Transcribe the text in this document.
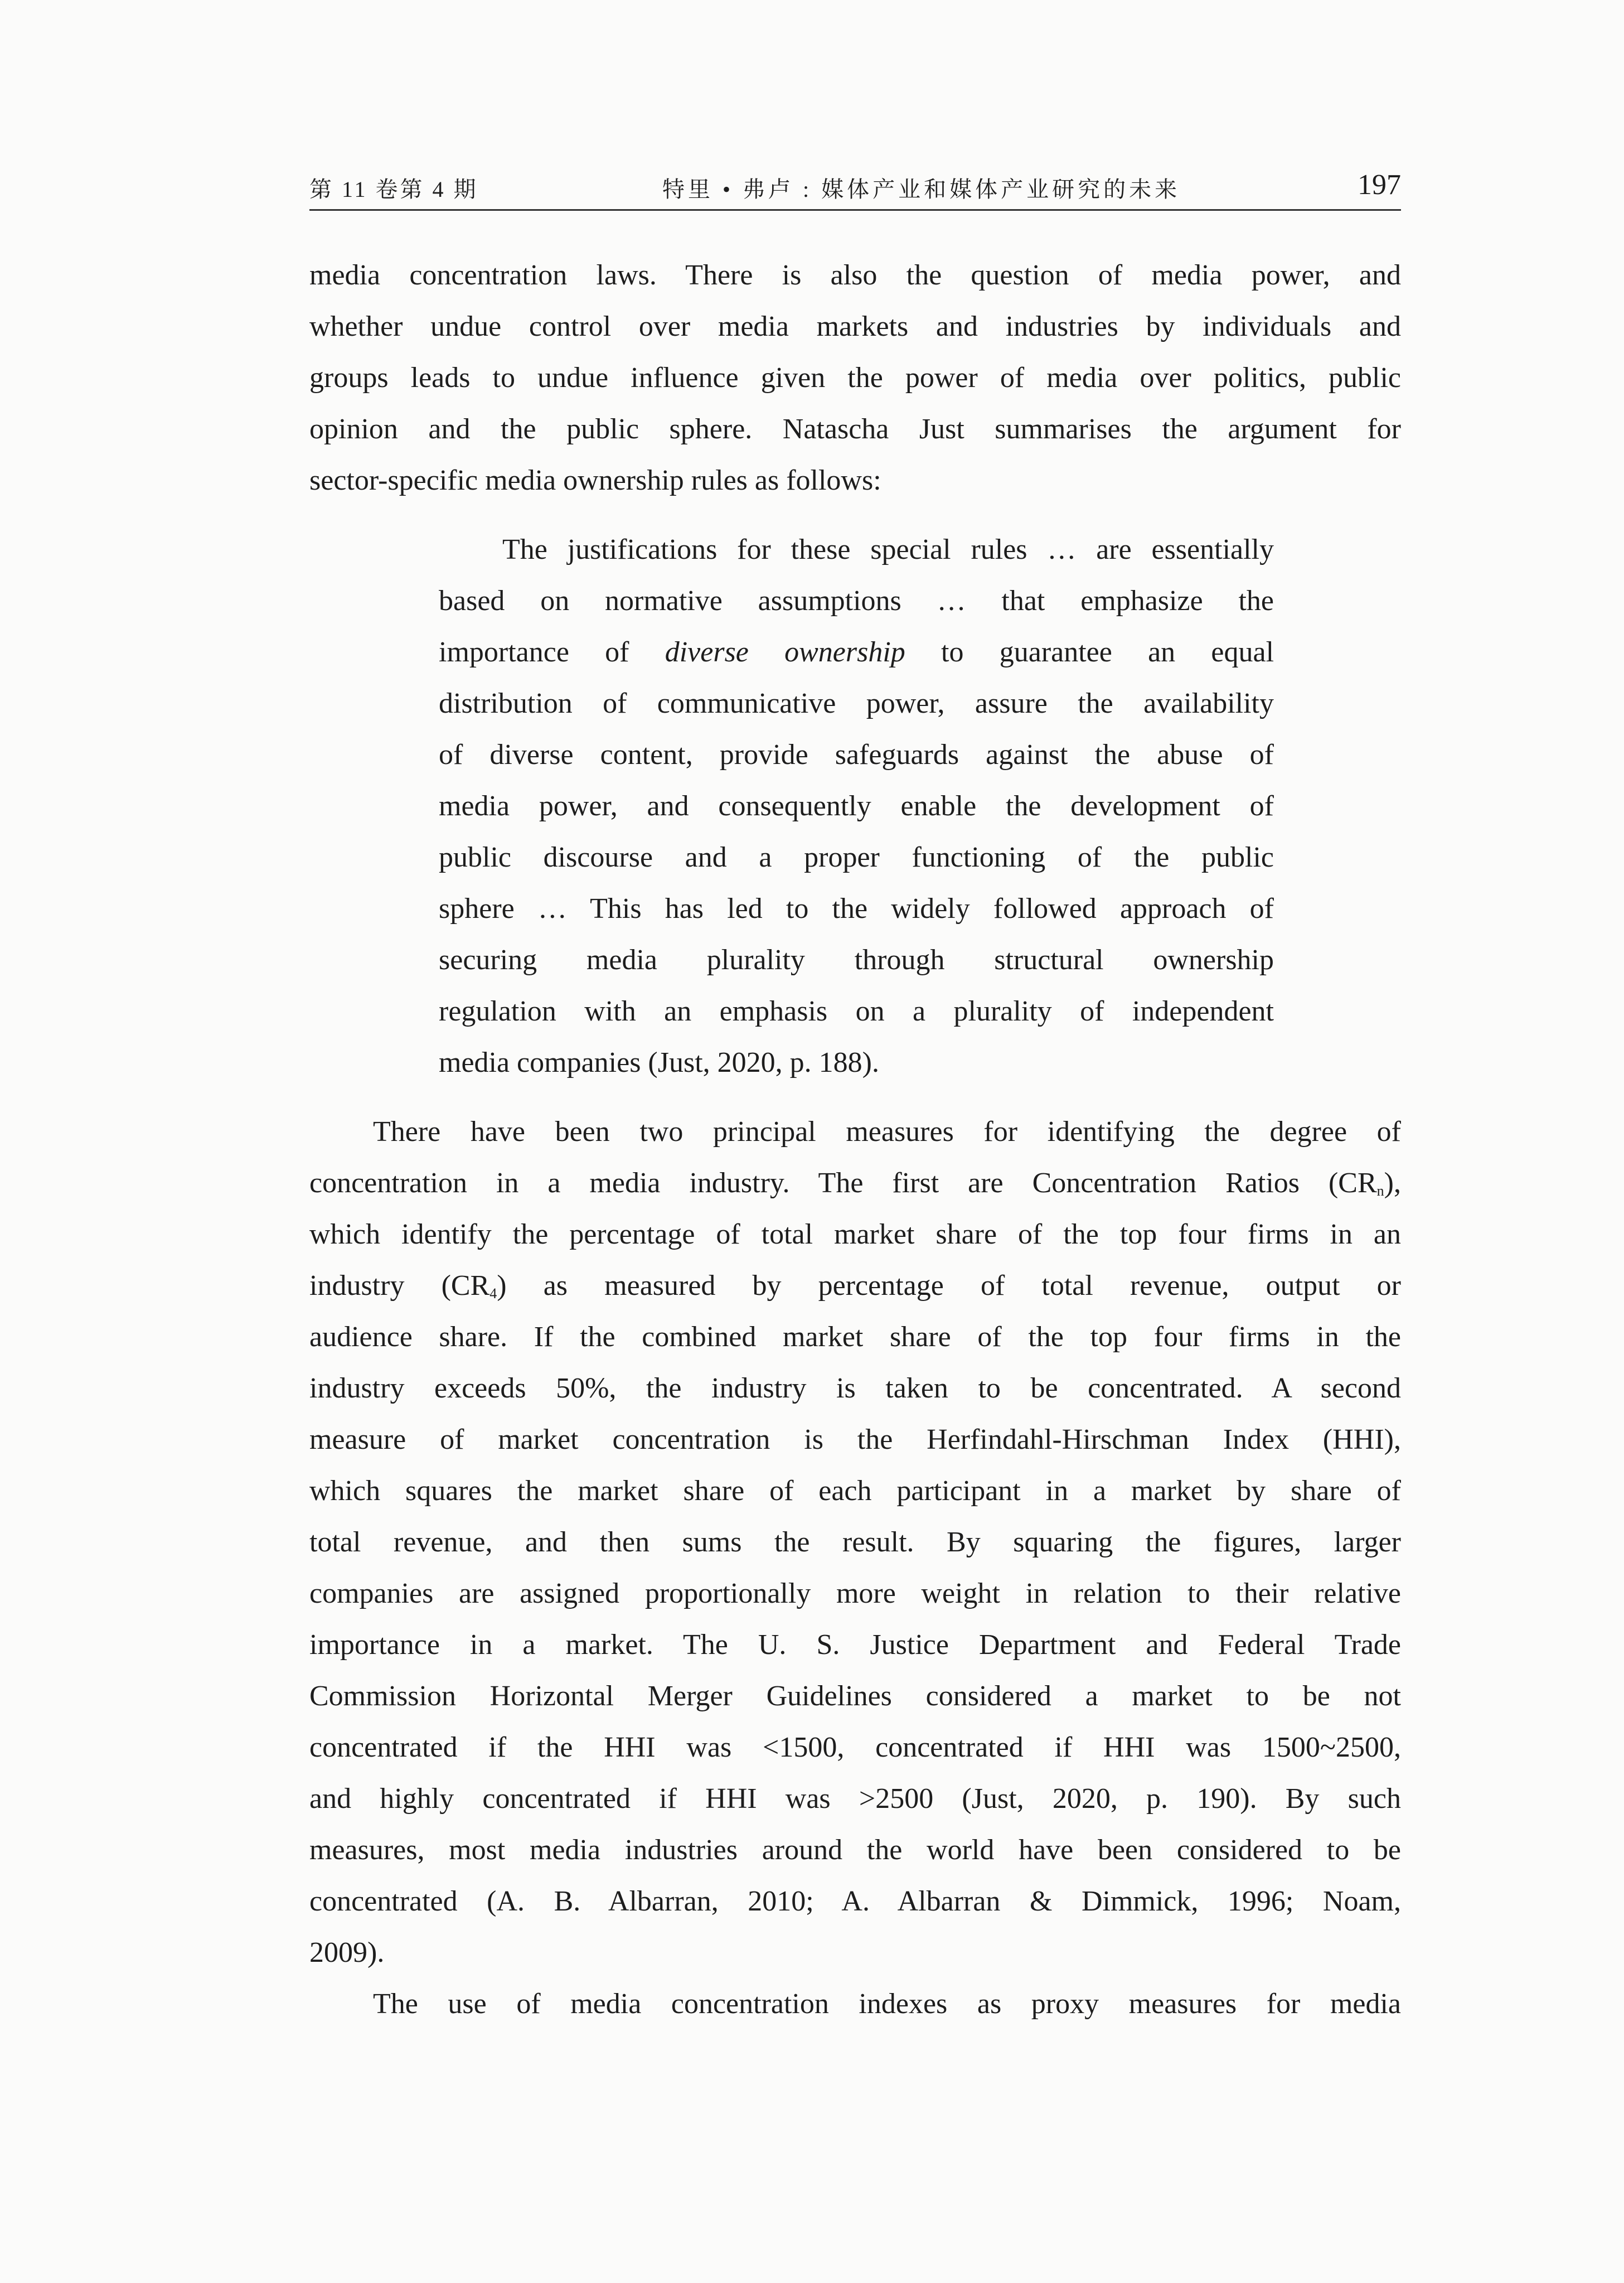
第 11 卷第 4 期	特里 • 弗卢 : 媒体产业和媒体产业研究的未来	197
media concentration laws. There is also the question of media power, and
whether undue control over media markets and industries by individuals and
groups leads to undue influence given the power of media over politics, public
opinion and the public sphere. Natascha Just summarises the argument for
sector-specific media ownership rules as follows:
The justifications for these special rules … are essentially
based on normative assumptions … that emphasize the
importance of diverse ownership to guarantee an equal
distribution of communicative power, assure the availability
of diverse content, provide safeguards against the abuse of
media power, and consequently enable the development of
public discourse and a proper functioning of the public
sphere … This has led to the widely followed approach of
securing media plurality through structural ownership
regulation with an emphasis on a plurality of independent
media companies (Just, 2020, p. 188).
There have been two principal measures for identifying the degree of
concentration in a media industry. The first are Concentration Ratios $(CR_n)$,
which identify the percentage of total market share of the top four firms in an
industry $(CR_4)$ as measured by percentage of total revenue, output or
audience share. If the combined market share of the top four firms in the
industry exceeds 50%, the industry is taken to be concentrated. A second
measure of market concentration is the Herfindahl-Hirschman Index (HHI),
which squares the market share of each participant in a market by share of
total revenue, and then sums the result. By squaring the figures, larger
companies are assigned proportionally more weight in relation to their relative
importance in a market. The U. S. Justice Department and Federal Trade
Commission Horizontal Merger Guidelines considered a market to be not
concentrated if the HHI was <1500, concentrated if HHI was 1500~2500,
and highly concentrated if HHI was >2500 (Just, 2020, p. 190). By such
measures, most media industries around the world have been considered to be
concentrated (A. B. Albarran, 2010; A. Albarran & Dimmick, 1996; Noam,
2009).
The use of media concentration indexes as proxy measures for media
